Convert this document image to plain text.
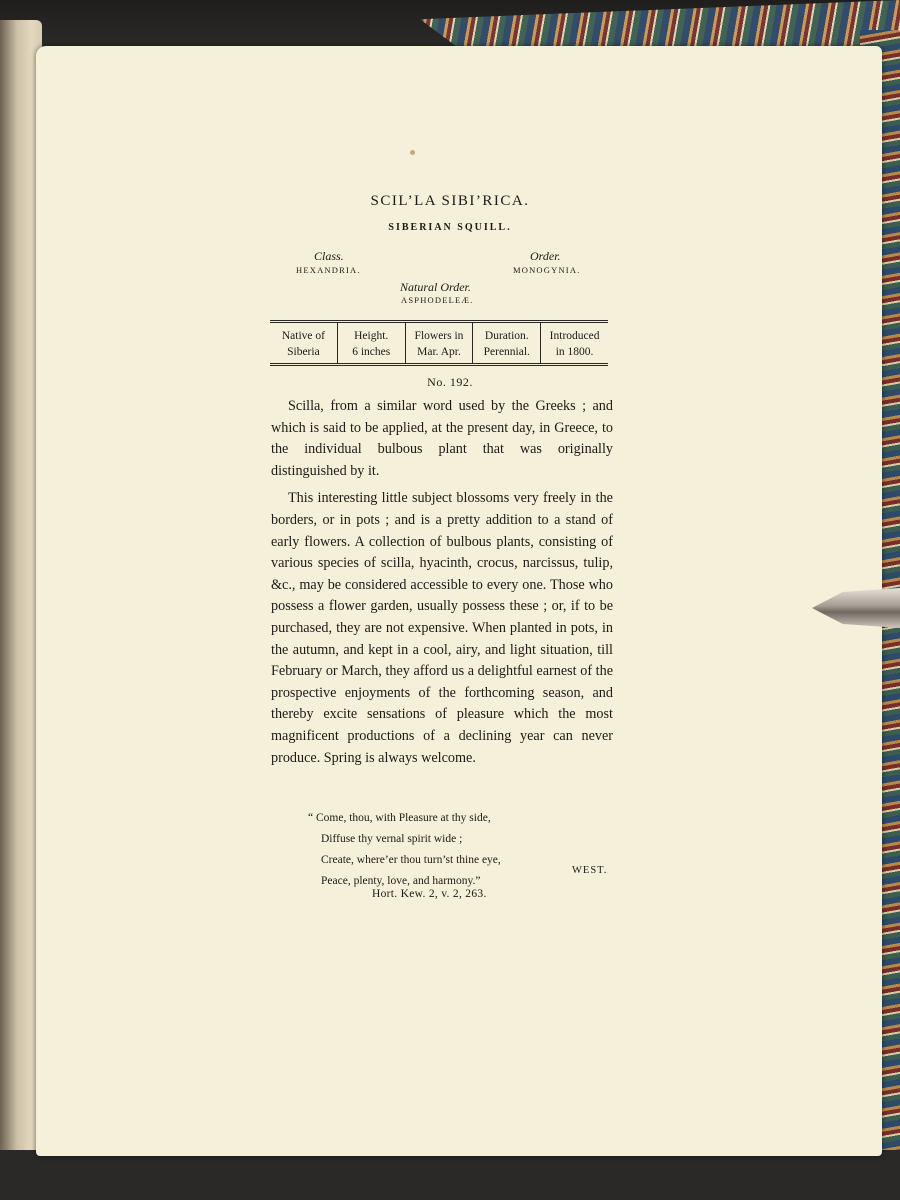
SCIL’LA SIBI’RICA.
SIBERIAN SQUILL.
Class.
HEXANDRIA.
Order.
MONOGYNIA.
Natural Order.
ASPHODELEÆ.
Native of
Siberia
Height.
6 inches
Flowers in
Mar. Apr.
Duration.
Perennial.
Introduced
in 1800.
No. 192.

Scilla, from a similar word used by the Greeks ; and which is said to be applied, at the present day, in Greece, to the individual bulbous plant that was originally distinguished by it.

This interesting little subject blossoms very freely in the borders, or in pots ; and is a pretty addition to a stand of early flowers. A collection of bulbous plants, consisting of various species of scilla, hyacinth, crocus, narcissus, tulip, &c., may be considered accessible to every one. Those who possess a flower garden, usually possess these ; or, if to be purchased, they are not expensive. When planted in pots, in the autumn, and kept in a cool, airy, and light situation, till February or March, they afford us a delightful earnest of the prospective enjoyments of the forthcoming season, and thereby excite sensations of pleasure which the most magnificent productions of a declining year can never produce. Spring is always welcome.

“ Come, thou, with Pleasure at thy side,
Diffuse thy vernal spirit wide ;
Create, where’er thou turn’st thine eye,
Peace, plenty, love, and harmony.”
WEST.
Hort. Kew. 2, v. 2, 263.
